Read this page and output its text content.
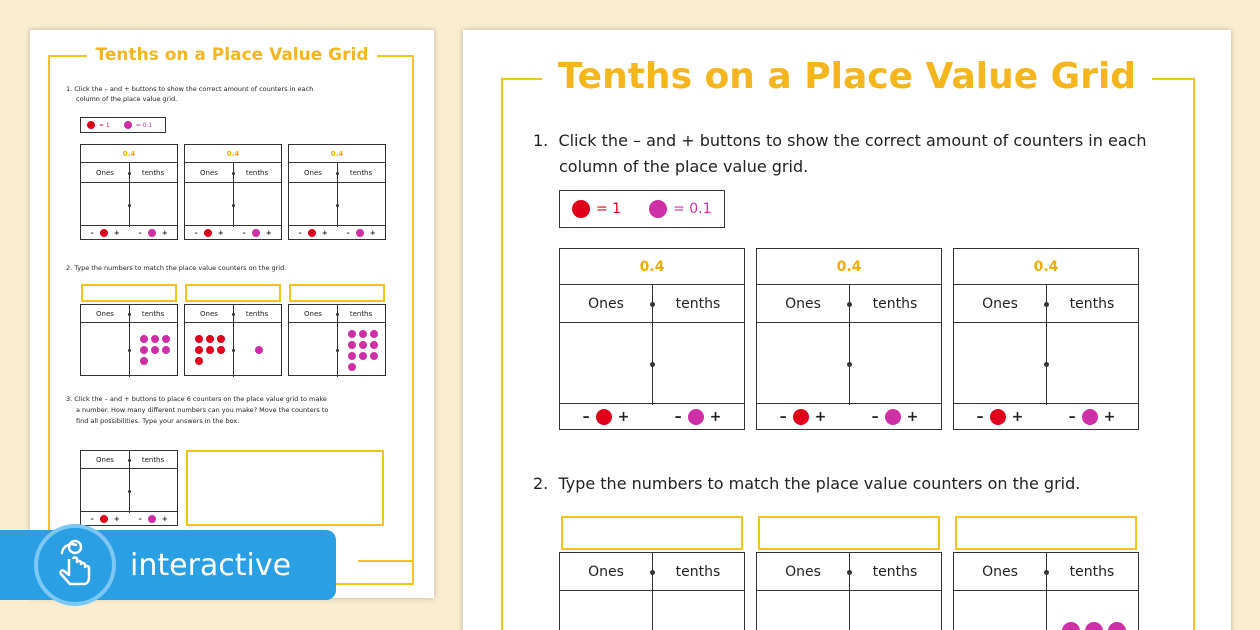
Tenths on a Place Value Grid
1. Click the – and + buttons to show the correct amount of counters in each
column of the place value grid.
= 1	= 0.1
0.4
Ones	tenths
–	+	–	+
0.4
Ones	tenths
–	+	–	+
0.4
Ones	tenths
–	+	–	+
2. Type the numbers to match the place value counters on the grid.
Ones	tenths	Ones	tenths	Ones	tenths
3. Click the – and + buttons to place 6 counters on the place value grid to make
a number. How many different numbers can you make? Move the counters to
find all possibilities. Type your answers in the box.
Ones	tenths
–	+	–	+
Tenths on a Place Value Grid
1. Click the – and + buttons to show the correct amount of counters in each
column of the place value grid.
= 1	= 0.1
0.4
Ones	tenths
– +	– +
0.4
Ones	tenths
– +	– +
0.4
Ones	tenths
– +	– +
2. Type the numbers to match the place value counters on the grid.
Ones	tenths	Ones	tenths	Ones	tenths
interactive
